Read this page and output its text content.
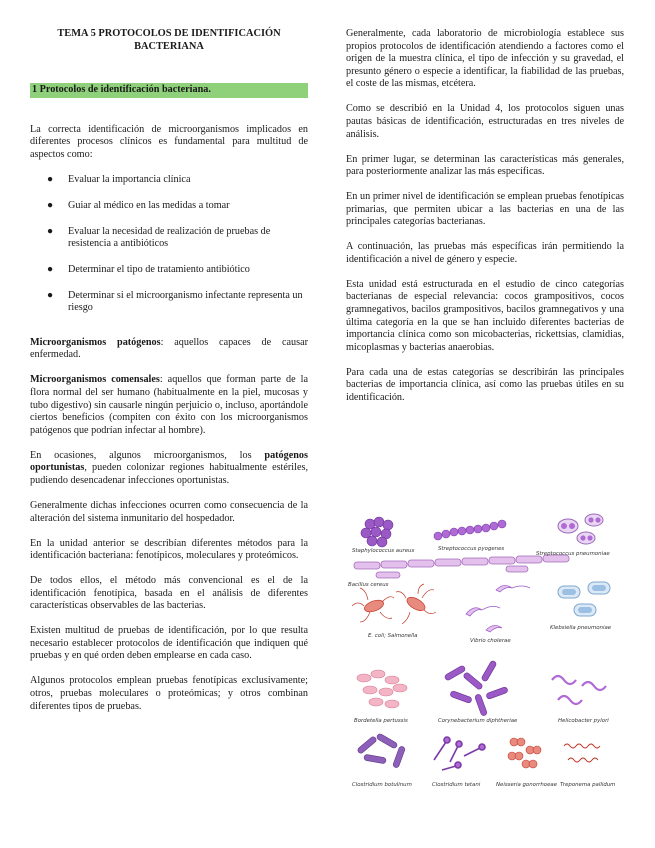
TEMA 5 PROTOCOLOS DE IDENTIFICACIÓN BACTERIANA
1 Protocolos de identificación bacteriana.

La correcta identificación de microorganismos implicados en diferentes procesos clínicos es fundamental para multitud de aspectos como:

● Evaluar la importancia clínica
● Guiar al médico en las medidas a tomar
● Evaluar la necesidad de realización de pruebas de resistencia a antibióticos
● Determinar el tipo de tratamiento antibiótico
● Determinar si el microorganismo infectante representa un riesgo

Microorganismos patógenos: aquellos capaces de causar enfermedad.

Microorganismos comensales: aquellos que forman parte de la flora normal del ser humano (habitualmente en la piel, mucosas y tubo digestivo) sin causarle ningún perjuicio o, incluso, aportándole ciertos beneficios (compiten con éxito con los microorganismos patógenos que podrían infectar al hombre).

En ocasiones, algunos microorganismos, los patógenos oportunistas, pueden colonizar regiones habitualmente estériles, pudiendo desencadenar infecciones oportunistas.

Generalmente dichas infecciones ocurren como consecuencia de la alteración del sistema inmunitario del hospedador.

En la unidad anterior se describían diferentes métodos para la identificación bacteriana: fenotípicos, moleculares y proteómicos.

De todos ellos, el método más convencional es el de la identificación fenotípica, basada en el análisis de diferentes características observables de las bacterias.

Existen multitud de pruebas de identificación, por lo que resulta necesario establecer protocolos de identificación que indiquen qué pruebas y en qué orden deben emplearse en cada caso.

Algunos protocolos emplean pruebas fenotípicas exclusivamente; otros, pruebas moleculares o proteómicas; y otros combinan diferentes tipos de pruebas.

Generalmente, cada laboratorio de microbiología establece sus propios protocolos de identificación atendiendo a factores como el origen de la muestra clínica, el tipo de infección y su gravedad, el presunto género o especie a identificar, la fiabilidad de las pruebas, el coste de las mismas, etcétera.

Como se describió en la Unidad 4, los protocolos siguen unas pautas básicas de identificación, estructuradas en tres niveles de análisis.

En primer lugar, se determinan las características más generales, para posteriormente analizar las más específicas.

En un primer nivel de identificación se emplean pruebas fenotípicas primarias, que permiten ubicar a las bacterias en una de las principales categorías bacterianas.

A continuación, las pruebas más específicas irán permitiendo la identificación a nivel de género y especie.

Esta unidad está estructurada en el estudio de cinco categorías bacterianas de especial relevancia: cocos grampositivos, cocos gramnegativos, bacilos grampositivos, bacilos gramnegativos y una última categoría en la que se han incluido diferentes bacterias de importancia clínica como son micobacterias, rickettsias, clamidias, micoplasmas y bacterias anaerobias.

Para cada una de estas categorías se describirán las principales bacterias de importancia clínica, así como las pruebas útiles en su identificación.

Staphylococcus aureus	Streptococcus pyogenes
Streptococcus pneumoniae
Bacillus cereus
E. coli; Salmonella
Vibrio cholerae
Klebsiella pneumoniae
Bordetella pertussis	Corynebacterium diphtheriae	Helicobacter pylori
Clostridium botulinum	Clostridium tetani	Neisseria gonorrhoeae Treponema pallidum
